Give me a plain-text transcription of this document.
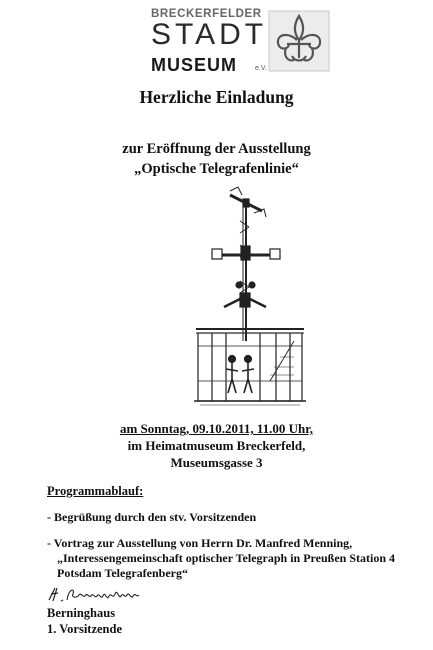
BRECKERFELDER
STADT
MUSEUM	e.V.
Herzliche Einladung
zur Eröffnung der Ausstellung
„Optische Telegrafenlinie“
am Sonntag, 09.10.2011, 11.00 Uhr,
im Heimatmuseum Breckerfeld,
Museumsgasse 3
Programmablauf:
- Begrüßung durch den stv. Vorsitzenden
- Vortrag zur Ausstellung von Herrn Dr. Manfred Menning,
„Interessengemeinschaft optischer Telegraph in Preußen Station 4
Potsdam Telegrafenberg“
Berninghaus
1. Vorsitzende
